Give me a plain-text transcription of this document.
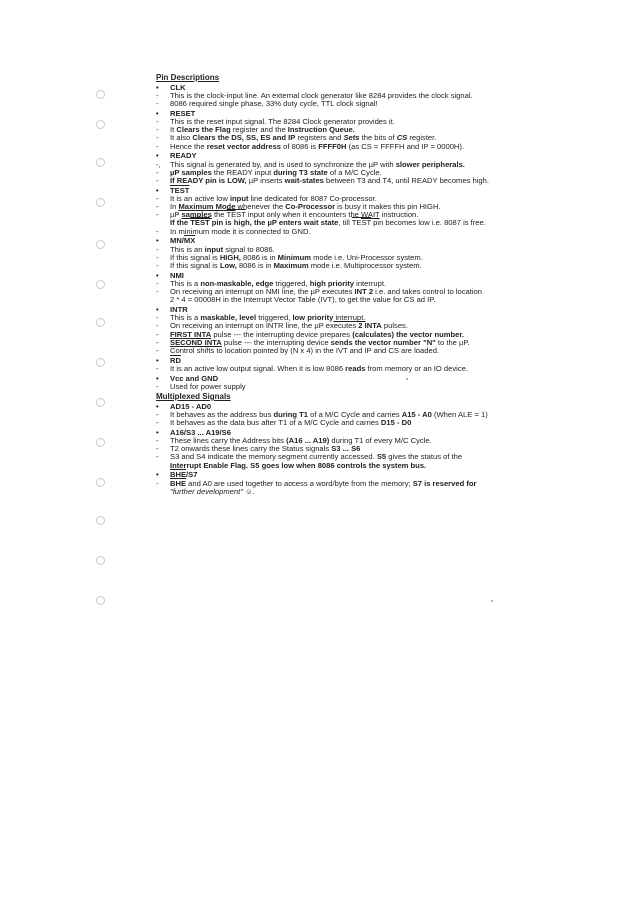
Pin Descriptions
•	CLK
-	This is the clock-input line. An external clock generator like 8284 provides the clock signal.
-	8086 required single phase, 33% duty cycle, TTL clock signal!
•	RESET
-	This is the reset input signal. The 8284 Clock generator provides it.
-	It Clears the Flag register and the Instruction Queue.
-	It also Clears the DS, SS, ES and IP registers and Sets the bits of CS register.
-	Hence the reset vector address of 8086 is FFFF0H (as CS = FFFFH and IP = 0000H).
•	READY
-,	This signal is generated by, and is used to synchronize the µP with slower peripherals.
-	µP samples the READY input during T3 state of a M/C Cycle.
-	If READY pin is LOW, µP inserts wait-states between T3 and T4, until READY becomes high.
•	TEST
-	It is an active low input line dedicated for 8087 Co-processor.
-	In Maximum Mode whenever the Co-Processor is busy it makes this pin HIGH.
-	µP samples the TEST input only when it encounters the WAIT instruction.
If the TEST pin is high, the µP enters wait state, till TEST pin becomes low i.e. 8087 is free.
-	In minimum mode it is connected to GND.
•	$MN/\overline{MX}$
-	This is an input signal to 8086.
-	If this signal is HIGH, 8086 is in Minimum mode i.e. Uni-Processor system.
-	If this signal is Low, 8086 is in Maximum mode i.e. Multiprocessor system.
•	NMI
-	This is a non-maskable, edge triggered, high priority interrupt.
-	On receiving an interrupt on NMI line, the µP executes INT 2 i.e. and takes control to location
2 * 4 = 00008H in the Interrupt Vector Table (IVT), to get the value for CS ad IP.
•	INTR
-	This is a maskable, level triggered, low priority interrupt.
-	On receiving an interrupt on INTR line, the µP executes 2 INTA pulses.
-	FIRST INTA pulse --- the interrupting device prepares (calculates) the vector number.
-	SECOND INTA pulse --- the interrupting device sends the vector number "N" to the µP.
-	Control shifts to location pointed by (N x 4) in the IVT and IP and CS are loaded.
•	$\overline{RD}$
-	It is an active low output signal. When it is low 8086 reads from memory or an IO device.
•	Vcc and GND
-	Used for power supply
Multiplexed Signals
•	AD15 - AD0
-	It behaves as the address bus during T1 of a M/C Cycle and carries A15 - A0 (When ALE = 1)
-	It behaves as the data bus after T1 of a M/C Cycle and carries D15 - D0
•	A16/S3 ... A19/S6
-	These lines carry the Address bits (A16 ... A19) during T1 of every M/C Cycle.
-	T2 onwards these lines carry the Status signals S3 ... S6
-	S3 and S4 indicate the memory segment currently accessed. S5 gives the status of the
Interrupt Enable Flag. S5 goes low when 8086 controls the system bus.
•	$\overline{BHE}/S7$
-	$\overline{BHE}$ and A0 are used together to access a word/byte from the memory; S7 is reserved for
"further development" ☺.
